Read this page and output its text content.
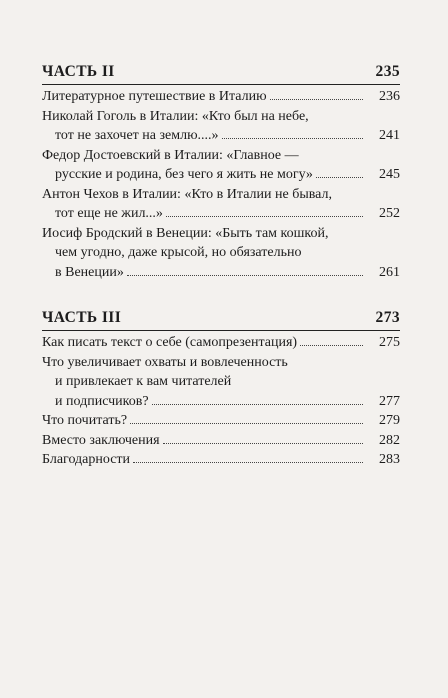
ЧАСТЬ II	235
Литературное путешествие в Италию	236
Николай Гоголь в Италии: «Кто был на небе,
тот не захочет на землю....»	241
Федор Достоевский в Италии: «Главное —
русские и родина, без чего я жить не могу»	245
Антон Чехов в Италии: «Кто в Италии не бывал,
тот еще не жил...»	252
Иосиф Бродский в Венеции: «Быть там кошкой,
чем угодно, даже крысой, но обязательно
в Венеции»	261
ЧАСТЬ III	273
Как писать текст о себе (самопрезентация)	275
Что увеличивает охваты и вовлеченность
и привлекает к вам читателей
и подписчиков?	277
Что почитать?	279
Вместо заключения	282
Благодарности	283
